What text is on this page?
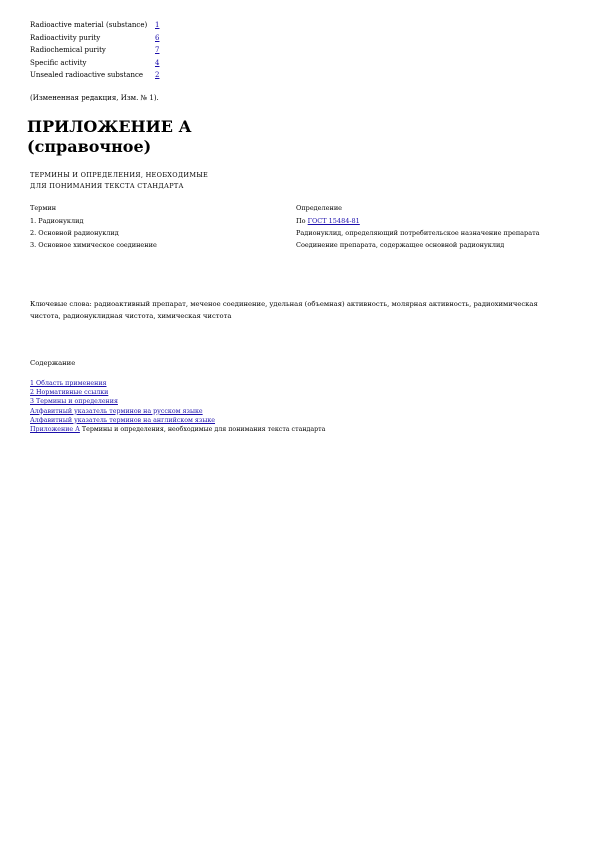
Radioactive material (substance)	1
Radioactivity purity	6
Radiochemical purity	7
Specific activity	4
Unsealed radioactive substance	2
(Измененная редакция, Изм. № 1).
ПРИЛОЖЕНИЕ А
(справочное)

ТЕРМИНЫ И ОПРЕДЕЛЕНИЯ, НЕОБХОДИМЫЕ
ДЛЯ ПОНИМАНИЯ ТЕКСТА СТАНДАРТА

Термин	Определение
1. Радионуклид	По ГОСТ 15484-81
2. Основной радионуклид	Радионуклид, определяющий потребительское назначение препарата
3. Основное химическое соединение	Соединение препарата, содержащее основной радионуклид

Ключевые слова: радиоактивный препарат, меченое соединение, удельная (объемная) активность, молярная активность, радиохимическая чистота, радионуклидная чистота, химическая чистота

Содержание
1 Область применения
2 Нормативные ссылки
3 Термины и определения
Алфавитный указатель терминов на русском языке
Алфавитный указатель терминов на английском языке
Приложение А Термины и определения, необходимые для понимания текста стандарта
